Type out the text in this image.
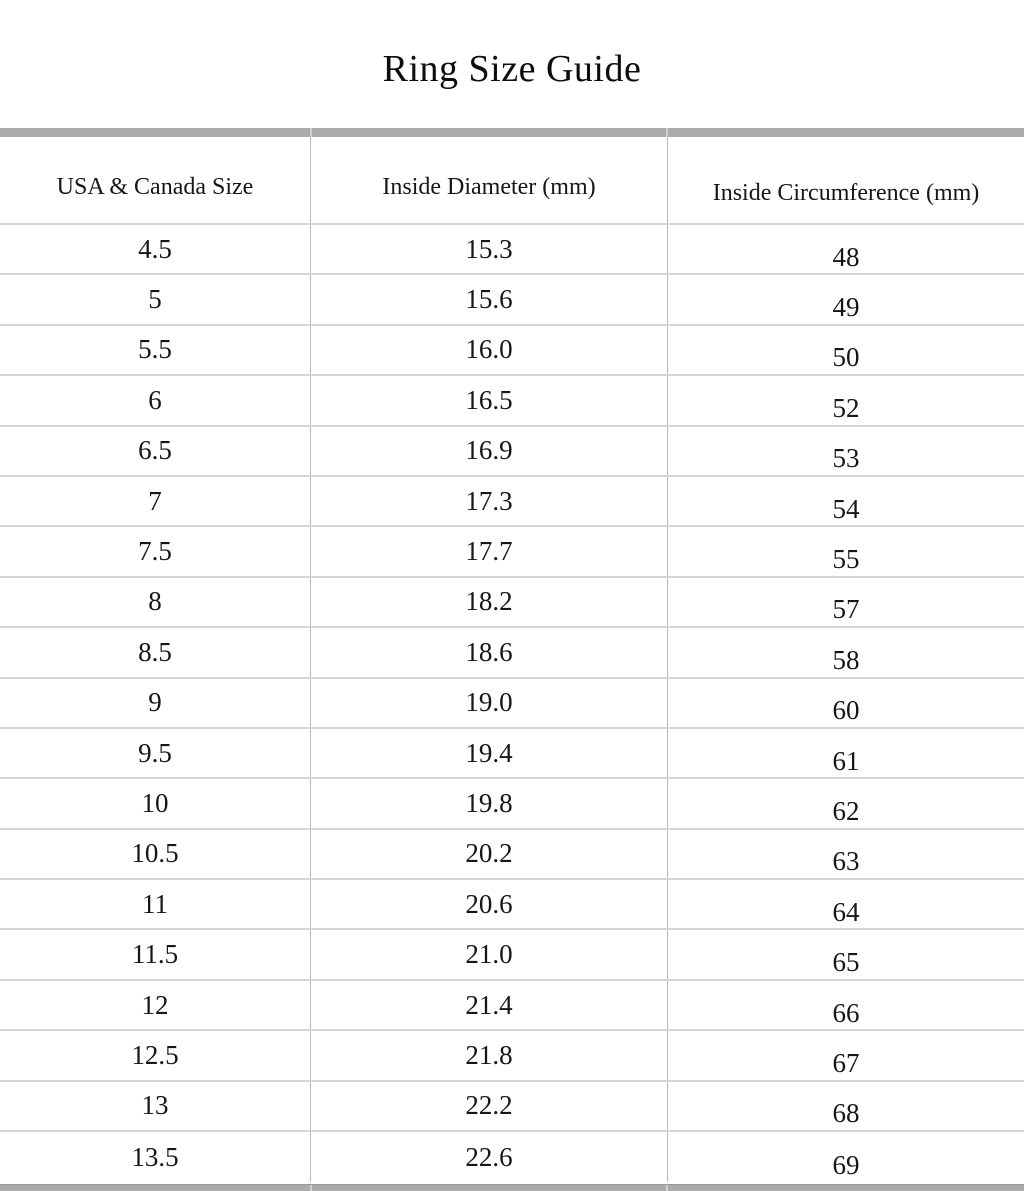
Ring Size Guide
USA & Canada Size	Inside Diameter (mm)	Inside Circumference (mm)
4.5	15.3	48
5	15.6	49
5.5	16.0	50
6	16.5	52
6.5	16.9	53
7	17.3	54
7.5	17.7	55
8	18.2	57
8.5	18.6	58
9	19.0	60
9.5	19.4	61
10	19.8	62
10.5	20.2	63
11	20.6	64
11.5	21.0	65
12	21.4	66
12.5	21.8	67
13	22.2	68
13.5	22.6	69
